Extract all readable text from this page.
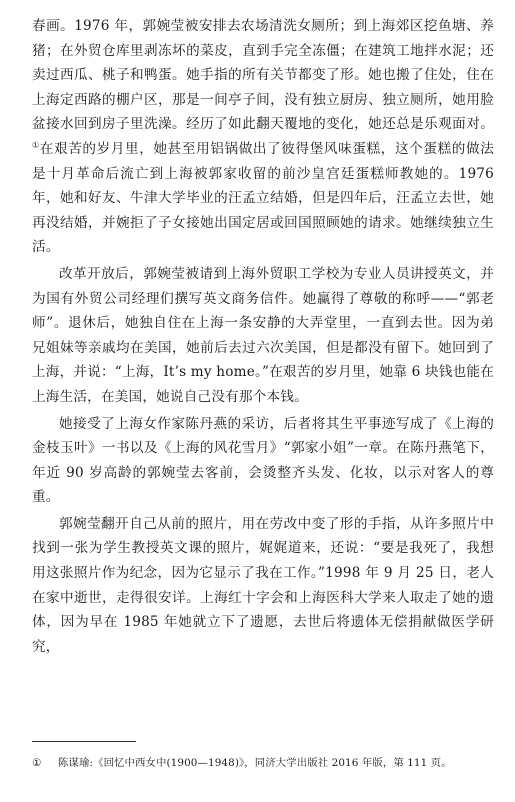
春画。1976 年，郭婉莹被安排去农场清洗女厕所；到上海郊区挖鱼塘、养猪；在外贸仓库里剥冻坏的菜皮，直到手完全冻僵；在建筑工地拌水泥；还卖过西瓜、桃子和鸭蛋。她手指的所有关节都变了形。她也搬了住处，住在上海定西路的棚户区，那是一间亭子间，没有独立厨房、独立厕所，她用脸盆接水回到房子里洗澡。经历了如此翻天覆地的变化，她还总是乐观面对。①在艰苦的岁月里，她甚至用铝锅做出了彼得堡风味蛋糕，这个蛋糕的做法是十月革命后流亡到上海被郭家收留的前沙皇宫廷蛋糕师教她的。1976 年，她和好友、牛津大学毕业的汪孟立结婚，但是四年后，汪孟立去世，她再没结婚，并婉拒了子女接她出国定居或回国照顾她的请求。她继续独立生活。

改革开放后，郭婉莹被请到上海外贸职工学校为专业人员讲授英文，并为国有外贸公司经理们撰写英文商务信件。她赢得了尊敬的称呼——“郭老师”。退休后，她独自住在上海一条安静的大弄堂里，一直到去世。因为弟兄姐妹等亲戚均在美国，她前后去过六次美国，但是都没有留下。她回到了上海，并说：“上海，It’s my home。”在艰苦的岁月里，她靠 6 块钱也能在上海生活，在美国，她说自己没有那个本钱。

她接受了上海女作家陈丹燕的采访，后者将其生平事迹写成了《上海的金枝玉叶》一书以及《上海的风花雪月》“郭家小姐”一章。在陈丹燕笔下，年近 90 岁高龄的郭婉莹去客前，会烫整齐头发、化妆，以示对客人的尊重。

郭婉莹翻开自己从前的照片，用在劳改中变了形的手指，从许多照片中找到一张为学生教授英文课的照片，娓娓道来，还说：“要是我死了，我想用这张照片作为纪念，因为它显示了我在工作。”1998 年 9 月 25 日，老人在家中逝世，走得很安详。上海红十字会和上海医科大学来人取走了她的遗体，因为早在 1985 年她就立下了遗愿，去世后将遗体无偿捐献做医学研究，

① 陈谋瑜:《回忆中西女中(1900—1948)》，同济大学出版社 2016 年版，第 111 页。
